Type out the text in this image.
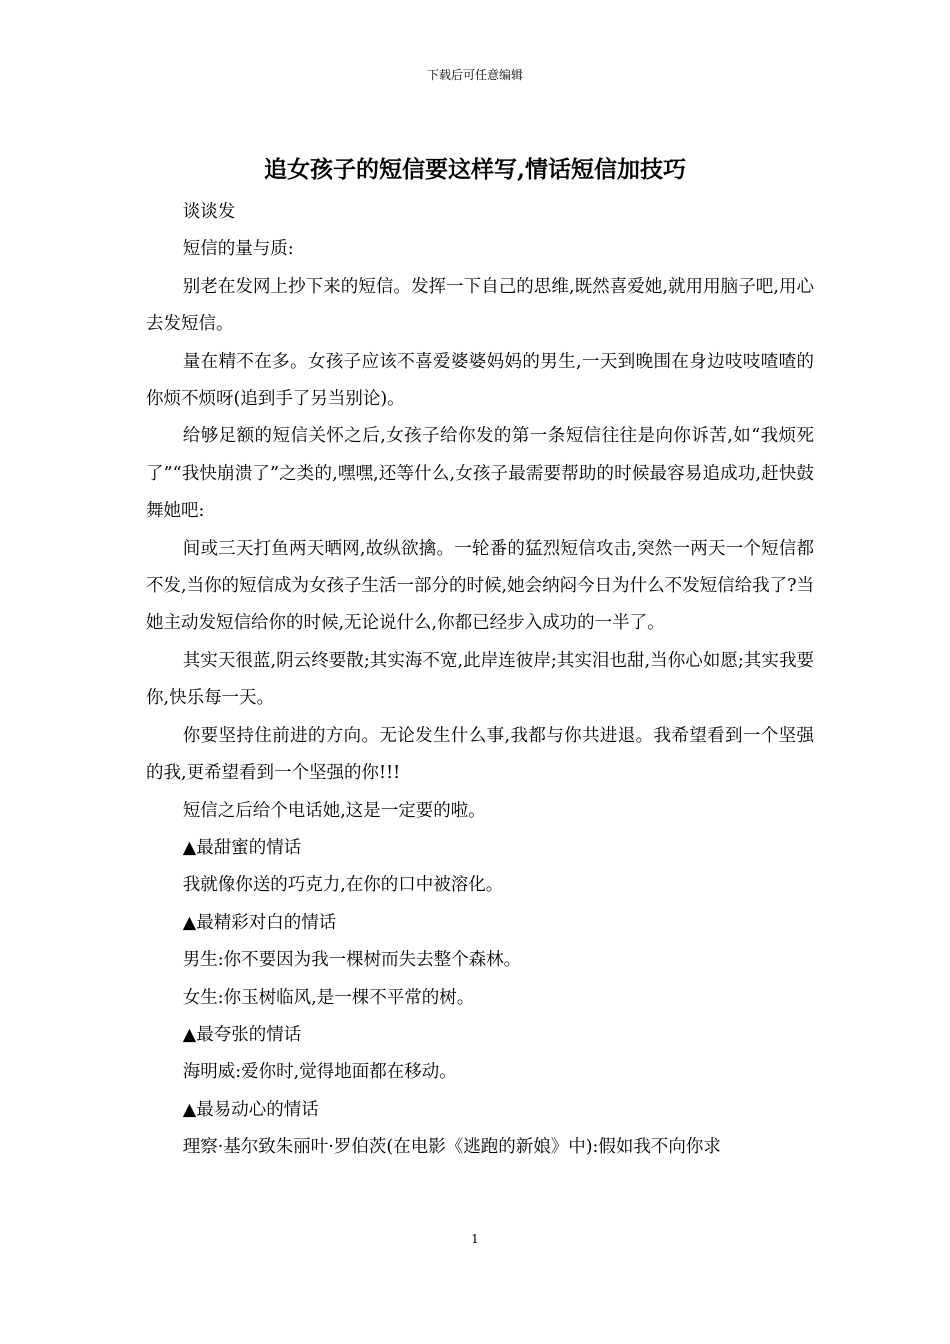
下载后可任意编辑
追女孩子的短信要这样写,情话短信加技巧

谈谈发

短信的量与质:

别老在发网上抄下来的短信。发挥一下自己的思维,既然喜爱她,就用用脑子吧,用心去发短信。

量在精不在多。女孩子应该不喜爱婆婆妈妈的男生,一天到晚围在身边吱吱喳喳的你烦不烦呀(追到手了另当别论)。

给够足额的短信关怀之后,女孩子给你发的第一条短信往往是向你诉苦,如“我烦死了”“我快崩溃了”之类的,嘿嘿,还等什么,女孩子最需要帮助的时候最容易追成功,赶快鼓舞她吧:

间或三天打鱼两天晒网,故纵欲擒。一轮番的猛烈短信攻击,突然一两天一个短信都不发,当你的短信成为女孩子生活一部分的时候,她会纳闷今日为什么不发短信给我了?当她主动发短信给你的时候,无论说什么,你都已经步入成功的一半了。

其实天很蓝,阴云终要散;其实海不宽,此岸连彼岸;其实泪也甜,当你心如愿;其实我要你,快乐每一天。

你要坚持住前进的方向。无论发生什么事,我都与你共进退。我希望看到一个坚强的我,更希望看到一个坚强的你!!!

短信之后给个电话她,这是一定要的啦。

▲最甜蜜的情话

我就像你送的巧克力,在你的口中被溶化。

▲最精彩对白的情话

男生:你不要因为我一棵树而失去整个森林。

女生:你玉树临风,是一棵不平常的树。

▲最夸张的情话

海明威:爱你时,觉得地面都在移动。

▲最易动心的情话

理察·基尔致朱丽叶·罗伯茨(在电影《逃跑的新娘》中):假如我不向你求

1
